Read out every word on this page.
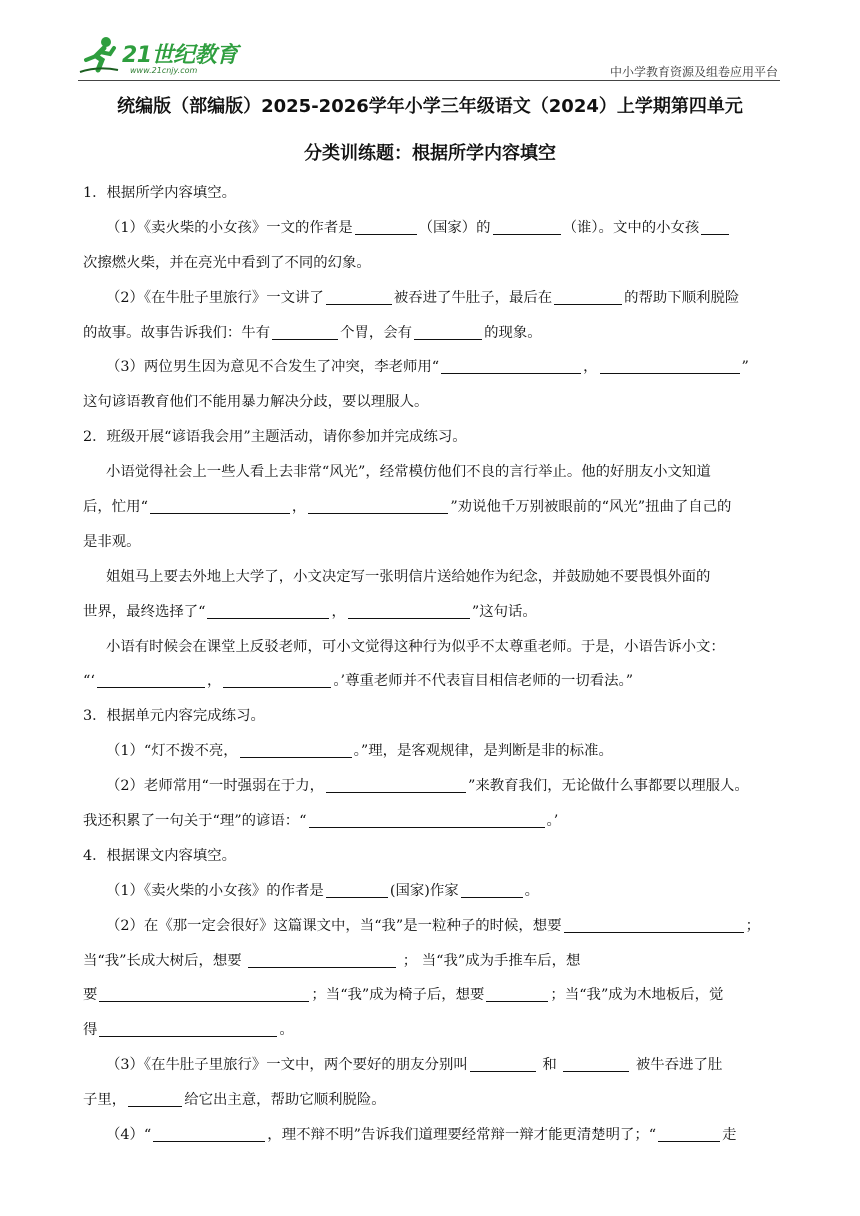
21世纪教育
www.21cnjy.com	中小学教育资源及组卷应用平台
统编版（部编版）2025-2026学年小学三年级语文（2024）上学期第四单元
分类训练题：根据所学内容填空
1．根据所学内容填空。
（1）《卖火柴的小女孩》一文的作者是	（国家）的	（谁）。文中的小女孩
次擦燃火柴，并在亮光中看到了不同的幻象。
（2）《在牛肚子里旅行》一文讲了	被吞进了牛肚子，最后在	的帮助下顺利脱险
的故事。故事告诉我们：牛有	个胃，会有	的现象。
（3）两位男生因为意见不合发生了冲突，李老师用“	，	”
这句谚语教育他们不能用暴力解决分歧，要以理服人。
2．班级开展“谚语我会用”主题活动，请你参加并完成练习。
小语觉得社会上一些人看上去非常“风光”，经常模仿他们不良的言行举止。他的好朋友小文知道
后，忙用“	，	”劝说他千万别被眼前的“风光”扭曲了自己的
是非观。
姐姐马上要去外地上大学了，小文决定写一张明信片送给她作为纪念，并鼓励她不要畏惧外面的
世界，最终选择了“	，	”这句话。
小语有时候会在课堂上反驳老师，可小文觉得这种行为似乎不太尊重老师。于是，小语告诉小文：
“‘	，	。’尊重老师并不代表盲目相信老师的一切看法。”
3．根据单元内容完成练习。
（1）“灯不拨不亮，	。”理，是客观规律，是判断是非的标准。
（2）老师常用“一时强弱在于力，	”来教育我们，无论做什么事都要以理服人。
我还积累了一句关于“理”的谚语：“	。’
4．根据课文内容填空。
（1）《卖火柴的小女孩》的作者是	(国家)作家	。
（2）在《那一定会很好》这篇课文中，当“我”是一粒种子的时候，想要	；
当“我”长成大树后，想要	； 当“我”成为手推车后，想
要	；当“我”成为椅子后，想要	；当“我”成为木地板后，觉
得	。
（3）《在牛肚子里旅行》一文中，两个要好的朋友分别叫	和	被牛吞进了肚
子里，	给它出主意，帮助它顺利脱险。
（4）“	，理不辩不明”告诉我们道理要经常辩一辩才能更清楚明了；“	走
